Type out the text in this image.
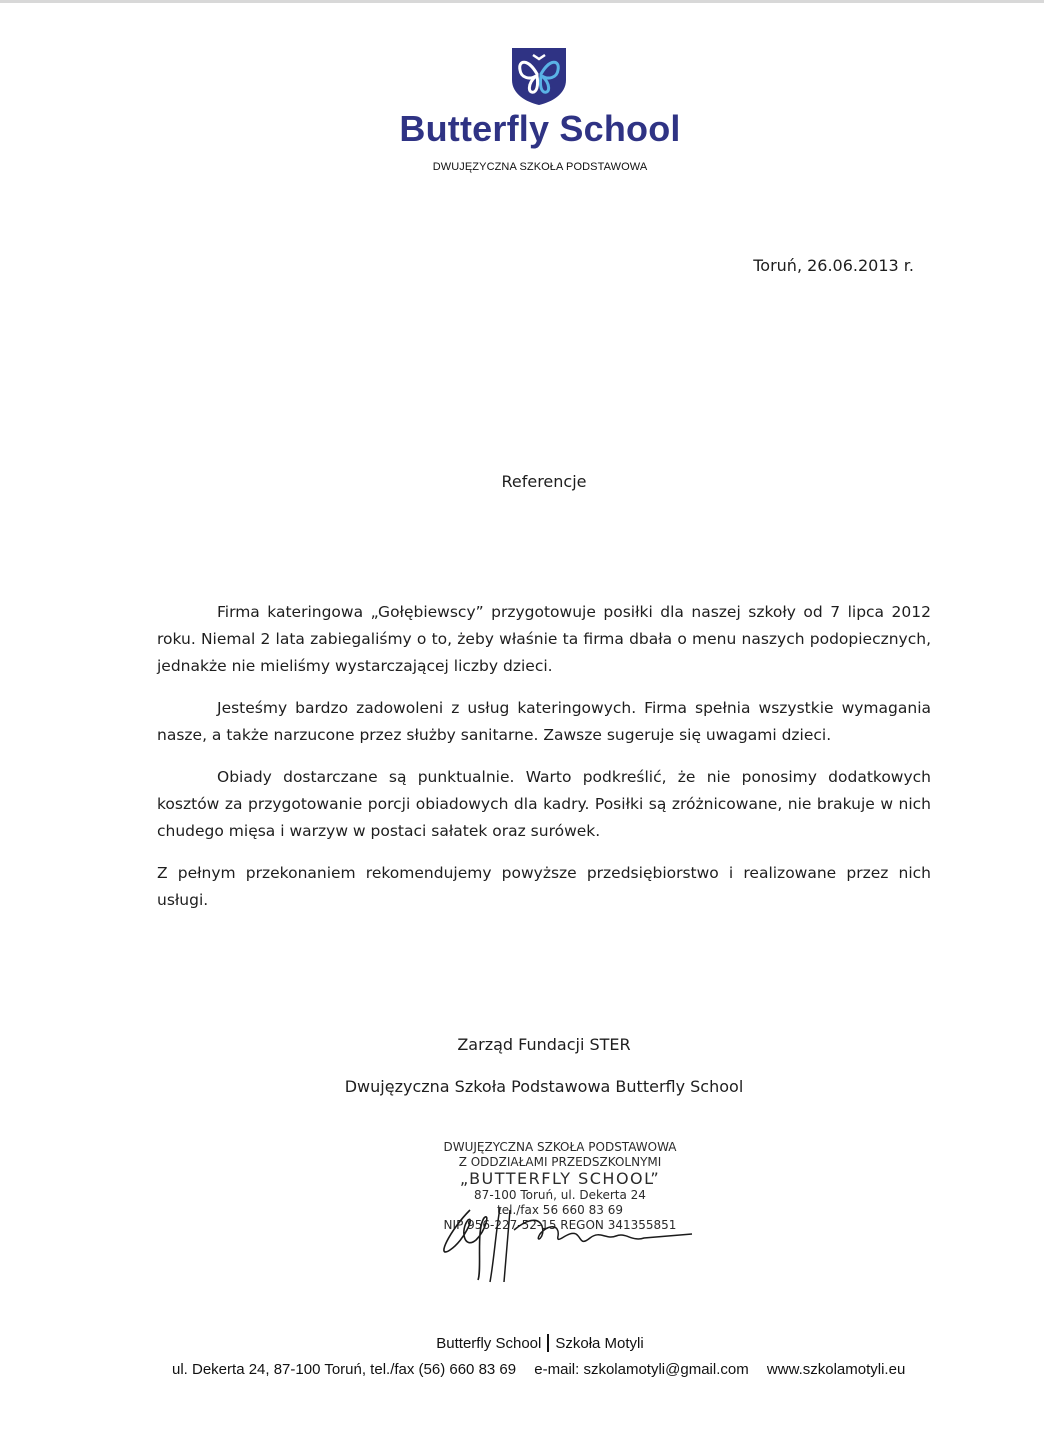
Butterfly School
DWUJĘZYCZNA SZKOŁA PODSTAWOWA
Toruń, 26.06.2013 r.
Referencje
Firma kateringowa „Gołębiewscy” przygotowuje posiłki dla naszej szkoły od 7 lipca 2012 roku. Niemal 2 lata zabiegaliśmy o to, żeby właśnie ta firma dbała o menu naszych podopiecznych, jednakże nie mieliśmy wystarczającej liczby dzieci.
Jesteśmy bardzo zadowoleni z usług kateringowych. Firma spełnia wszystkie wymagania nasze, a także narzucone przez służby sanitarne. Zawsze sugeruje się uwagami dzieci.
Obiady dostarczane są punktualnie. Warto podkreślić, że nie ponosimy dodatkowych kosztów za przygotowanie porcji obiadowych dla kadry. Posiłki są zróżnicowane, nie brakuje w nich chudego mięsa i warzyw w postaci sałatek oraz surówek.
Z pełnym przekonaniem rekomendujemy powyższe przedsiębiorstwo i realizowane przez nich usługi.
Zarząd Fundacji STER
Dwujęzyczna Szkoła Podstawowa Butterfly School
DWUJĘZYCZNA SZKOŁA PODSTAWOWA
Z ODDZIAŁAMI PRZEDSZKOLNYMI
„BUTTERFLY SCHOOL”
87-100 Toruń, ul. Dekerta 24
tel./fax 56 660 83 69
NIP 956-227-52-15 REGON 341355851
Butterfly School Szkoła Motyli
ul. Dekerta 24, 87-100 Toruń, tel./fax (56) 660 83 69 e-mail: szkolamotyli@gmail.com www.szkolamotyli.eu
